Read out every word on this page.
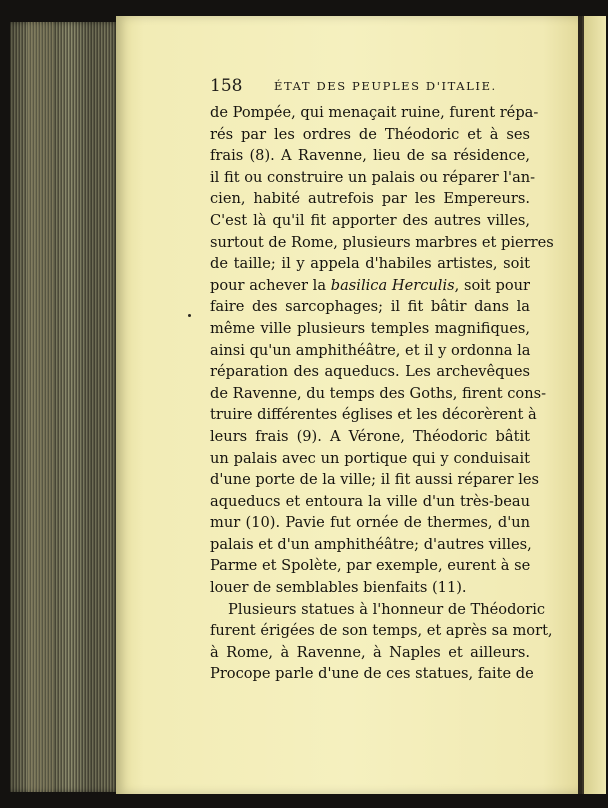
158	ÉTAT DES PEUPLES D'ITALIE.
de Pompée, qui menaçait ruine, furent répa-
rés par les ordres de Théodoric et à ses
frais (8). A Ravenne, lieu de sa résidence,
il fit ou construire un palais ou réparer l'an-
cien, habité autrefois par les Empereurs.
C'est là qu'il fit apporter des autres villes,
surtout de Rome, plusieurs marbres et pierres
de taille; il y appela d'habiles artistes, soit
pour achever la basilica Herculis, soit pour
faire des sarcophages; il fit bâtir dans la
même ville plusieurs temples magnifiques,
ainsi qu'un amphithéâtre, et il y ordonna la
réparation des aqueducs. Les archevêques
de Ravenne, du temps des Goths, firent cons-
truire différentes églises et les décorèrent à
leurs frais (9). A Vérone, Théodoric bâtit
un palais avec un portique qui y conduisait
d'une porte de la ville; il fit aussi réparer les
aqueducs et entoura la ville d'un très-beau
mur (10). Pavie fut ornée de thermes, d'un
palais et d'un amphithéâtre; d'autres villes,
Parme et Spolète, par exemple, eurent à se
louer de semblables bienfaits (11).
Plusieurs statues à l'honneur de Théodoric
furent érigées de son temps, et après sa mort,
à Rome, à Ravenne, à Naples et ailleurs.
Procope parle d'une de ces statues, faite de
